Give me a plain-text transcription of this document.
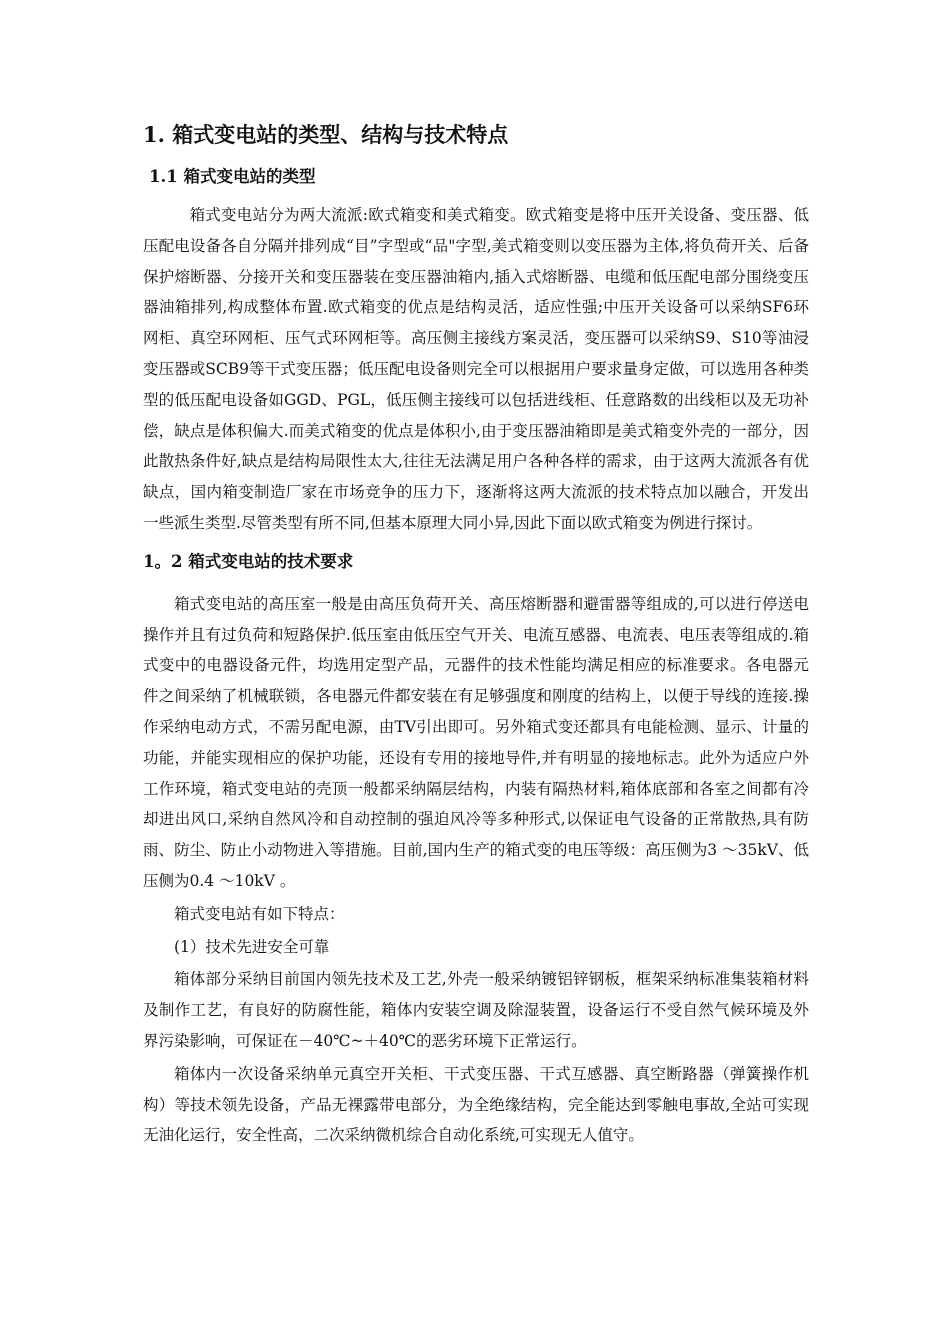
1. 箱式变电站的类型、结构与技术特点
1.1 箱式变电站的类型

箱式变电站分为两大流派:欧式箱变和美式箱变。欧式箱变是将中压开关设备、变压器、低压配电设备各自分隔并排列成“目”字型或“品"字型,美式箱变则以变压器为主体,将负荷开关、后备保护熔断器、分接开关和变压器装在变压器油箱内,插入式熔断器、电缆和低压配电部分围绕变压器油箱排列,构成整体布置.欧式箱变的优点是结构灵活，适应性强;中压开关设备可以采纳SF6环网柜、真空环网柜、压气式环网柜等。高压侧主接线方案灵活，变压器可以采纳S9、S10等油浸变压器或SCB9等干式变压器；低压配电设备则完全可以根据用户要求量身定做，可以选用各种类型的低压配电设备如GGD、PGL，低压侧主接线可以包括进线柜、任意路数的出线柜以及无功补偿，缺点是体积偏大.而美式箱变的优点是体积小,由于变压器油箱即是美式箱变外壳的一部分，因此散热条件好,缺点是结构局限性太大,往往无法满足用户各种各样的需求，由于这两大流派各有优缺点，国内箱变制造厂家在市场竞争的压力下，逐渐将这两大流派的技术特点加以融合，开发出一些派生类型.尽管类型有所不同,但基本原理大同小异,因此下面以欧式箱变为例进行探讨。

1。2 箱式变电站的技术要求

箱式变电站的高压室一般是由高压负荷开关、高压熔断器和避雷器等组成的,可以进行停送电操作并且有过负荷和短路保护.低压室由低压空气开关、电流互感器、电流表、电压表等组成的.箱式变中的电器设备元件，均选用定型产品，元器件的技术性能均满足相应的标准要求。各电器元件之间采纳了机械联锁，各电器元件都安装在有足够强度和刚度的结构上，以便于导线的连接.操作采纳电动方式，不需另配电源，由TV引出即可。另外箱式变还都具有电能检测、显示、计量的功能，并能实现相应的保护功能，还设有专用的接地导件,并有明显的接地标志。此外为适应户外工作环境，箱式变电站的壳顶一般都采纳隔层结构，内装有隔热材料,箱体底部和各室之间都有冷却进出风口,采纳自然风冷和自动控制的强迫风冷等多种形式,以保证电气设备的正常散热,具有防雨、防尘、防止小动物进入等措施。目前,国内生产的箱式变的电压等级：高压侧为3 ～35kV、低压侧为0.4 ～10kV 。

箱式变电站有如下特点：

(1）技术先进安全可靠

箱体部分采纳目前国内领先技术及工艺,外壳一般采纳镀铝锌钢板，框架采纳标准集装箱材料及制作工艺，有良好的防腐性能，箱体内安装空调及除湿装置，设备运行不受自然气候环境及外界污染影响，可保证在－40℃~＋40℃的恶劣环境下正常运行。

箱体内一次设备采纳单元真空开关柜、干式变压器、干式互感器、真空断路器（弹簧操作机构）等技术领先设备，产品无裸露带电部分，为全绝缘结构，完全能达到零触电事故,全站可实现无油化运行，安全性高，二次采纳微机综合自动化系统,可实现无人值守。
